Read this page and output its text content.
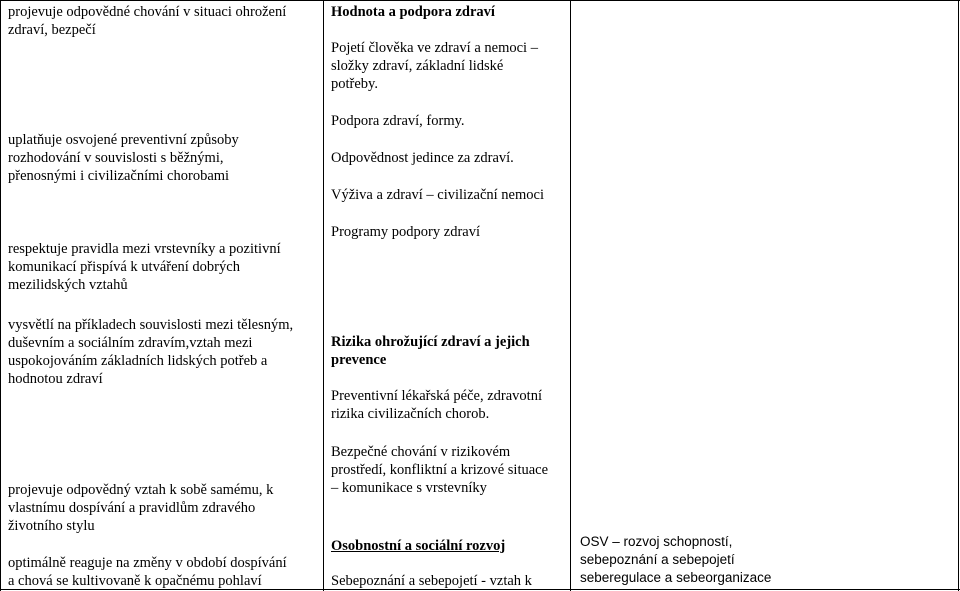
projevuje odpovědné chování v situaci ohrožení
zdraví, bezpečí
uplatňuje osvojené preventivní způsoby
rozhodování v souvislosti s běžnými,
přenosnými i civilizačními chorobami
respektuje pravidla mezi vrstevníky a pozitivní
komunikací přispívá k utváření dobrých
mezilidských vztahů
vysvětlí na příkladech souvislosti mezi tělesným,
duševním a sociálním zdravím,vztah mezi
uspokojováním základních lidských potřeb a
hodnotou zdraví
projevuje odpovědný vztah k sobě samému, k
vlastnímu dospívání a pravidlům zdravého
životního stylu
optimálně reaguje na změny v období dospívání
a chová se kultivovaně k opačnému pohlaví
Hodnota a podpora zdraví
Pojetí člověka ve zdraví a nemoci –
složky zdraví, základní lidské
potřeby.
Podpora zdraví, formy.
Odpovědnost jedince za zdraví.
Výživa a zdraví – civilizační nemoci
Programy podpory zdraví
Rizika ohrožující zdraví a jejich
prevence
Preventivní lékařská péče, zdravotní
rizika civilizačních chorob.
Bezpečné chování v rizikovém
prostředí, konfliktní a krizové situace
– komunikace s vrstevníky
Osobnostní a sociální rozvoj
Sebepoznání a sebepojetí - vztah k
OSV – rozvoj schopností,
sebepoznání a sebepojetí
seberegulace a sebeorganizace
